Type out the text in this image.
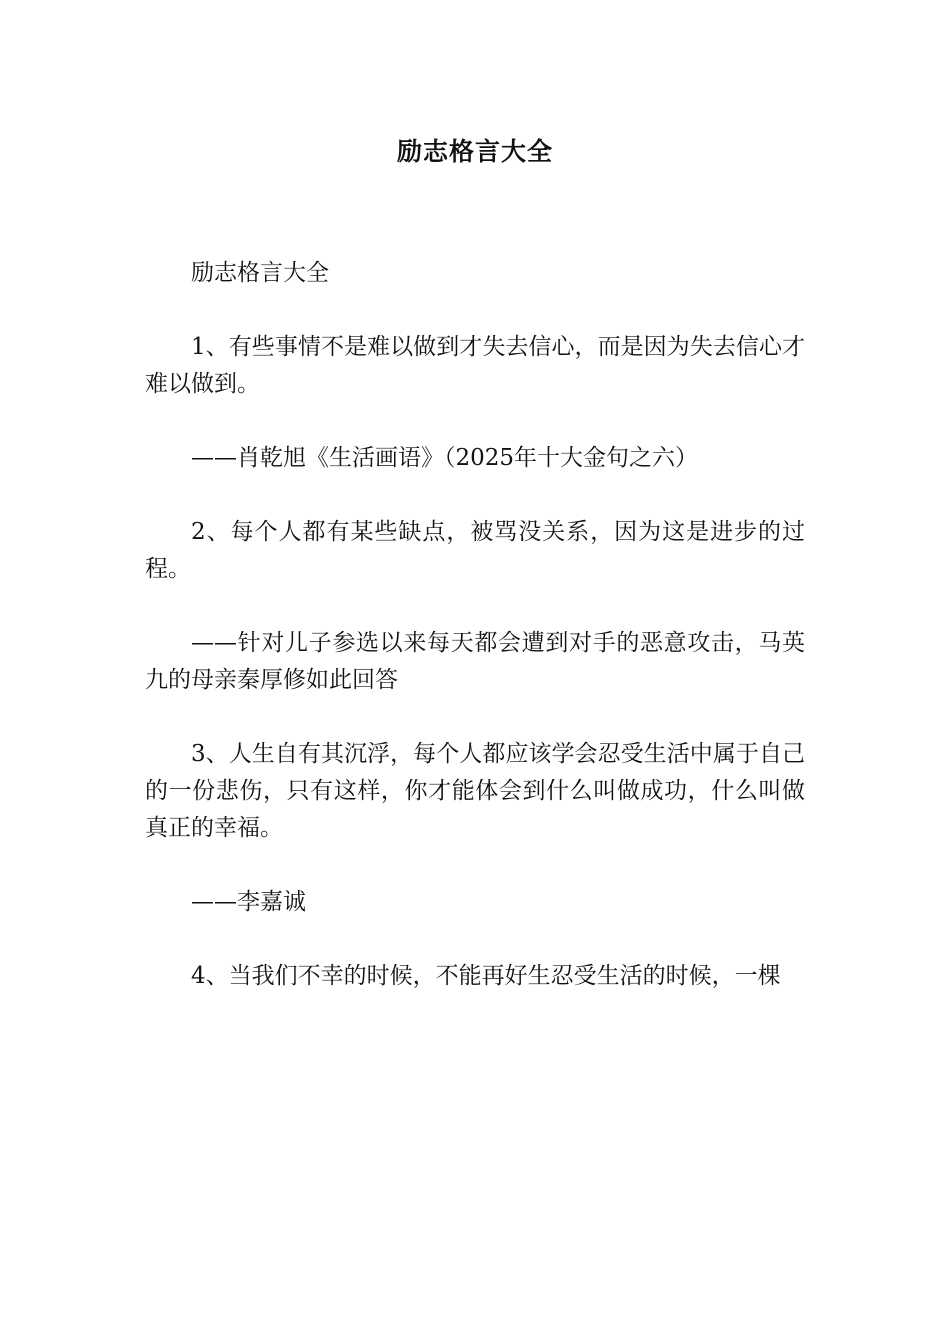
励志格言大全

励志格言大全

1、有些事情不是难以做到才失去信心，而是因为失去信心才难以做到。

——肖乾旭《生活画语》（2025年十大金句之六）

2、每个人都有某些缺点，被骂没关系，因为这是进步的过程。

——针对儿子参选以来每天都会遭到对手的恶意攻击，马英九的母亲秦厚修如此回答

3、人生自有其沉浮，每个人都应该学会忍受生活中属于自己的一份悲伤，只有这样，你才能体会到什么叫做成功，什么叫做真正的幸福。

——李嘉诚

4、当我们不幸的时候，不能再好生忍受生活的时候，一棵
